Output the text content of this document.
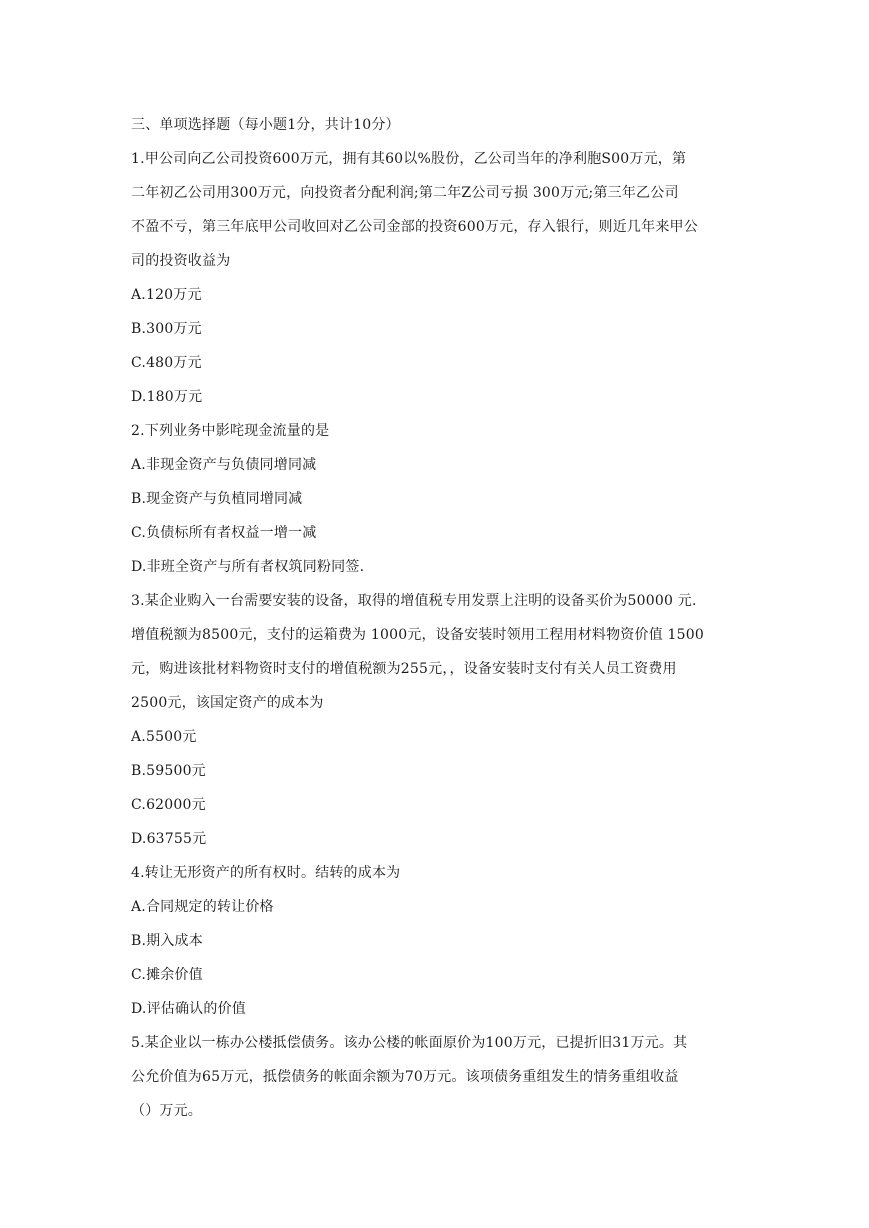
三、单项选择题（每小题1分，共计10分）
1.甲公司向乙公司投资600万元，拥有其60以%股份，乙公司当年的净利胞S00万元，第
二年初乙公司用300万元，向投资者分配利润;第二年Z公司亏损 300万元;第三年乙公司
不盈不亏，第三年底甲公司收回对乙公司金部的投资600万元，存入银行，则近几年来甲公
司的投资收益为
A.120万元
B.300万元
C.480万元
D.180万元
2.下列业务中影咤现金流量的是
A.非现金资产与负债同增同减
B.现金资产与负植同增同减
C.负债标所有者权益一增一减
D.非班全资产与所有者权筑同粉同签.
3.某企业购入一台需要安装的设备，取得的增值税专用发票上注明的设备买价为50000 元.
增值税额为8500元，支付的运箱费为 1000元，设备安装时领用工程用材料物资价值 1500
元，购进该批材料物资时支付的增值税额为255元，，设备安装时支付有关人员工资费用
2500元，该国定资产的成本为
A.5500元
B.59500元
C.62000元
D.63755元
4.转让无形资产的所有权时。结转的成本为
A.合同规定的转让价格
B.期入成本
C.摊余价值
D.评估确认的价值
5.某企业以一栋办公楼抵偿债务。该办公楼的帐面原价为100万元，已提折旧31万元。其
公允价值为65万元，抵偿债务的帐面余额为70万元。该项债务重组发生的情务重组收益
（）万元。
